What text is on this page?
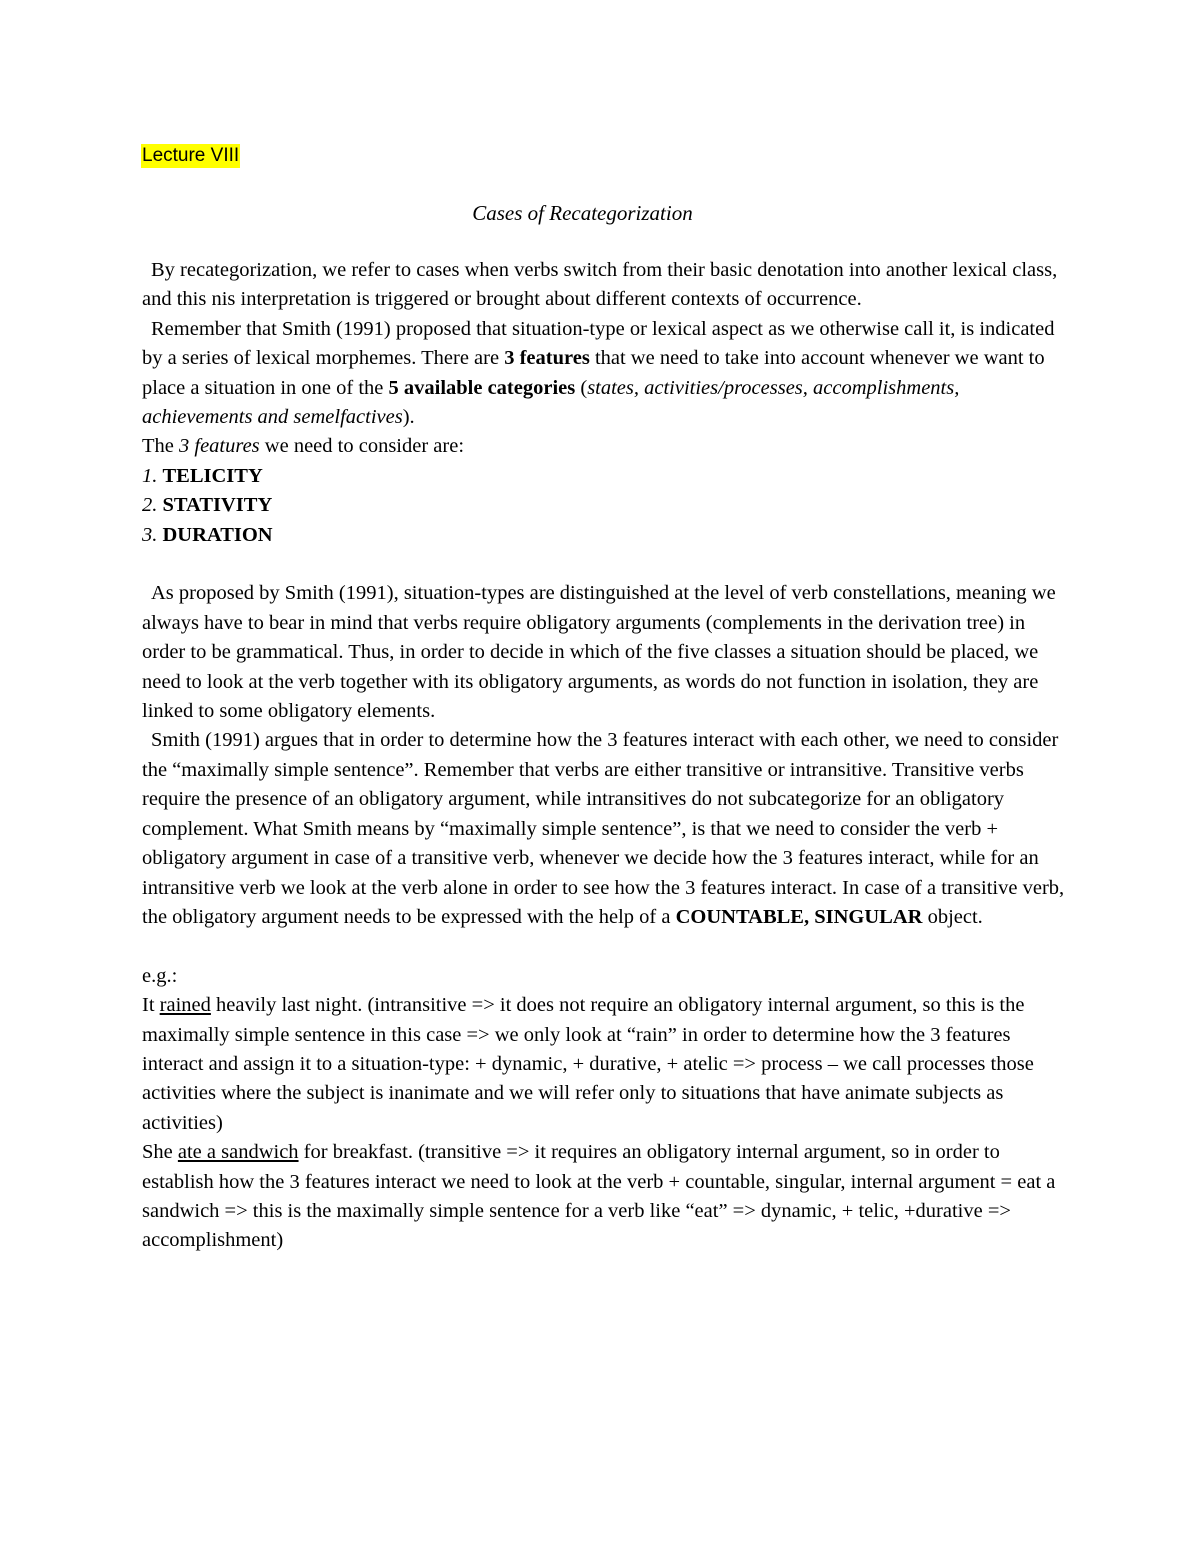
Lecture VIII
Cases of Recategorization

By recategorization, we refer to cases when verbs switch from their basic denotation into another lexical class, and this nis interpretation is triggered or brought about different contexts of occurrence.

Remember that Smith (1991) proposed that situation-type or lexical aspect as we otherwise call it, is indicated by a series of lexical morphemes. There are 3 features that we need to take into account whenever we want to place a situation in one of the 5 available categories (states, activities/processes, accomplishments, achievements and semelfactives).

The 3 features we need to consider are:

1. TELICITY

2. STATIVITY

3. DURATION

As proposed by Smith (1991), situation-types are distinguished at the level of verb constellations, meaning we always have to bear in mind that verbs require obligatory arguments (complements in the derivation tree) in order to be grammatical. Thus, in order to decide in which of the five classes a situation should be placed, we need to look at the verb together with its obligatory arguments, as words do not function in isolation, they are linked to some obligatory elements.

Smith (1991) argues that in order to determine how the 3 features interact with each other, we need to consider the “maximally simple sentence”. Remember that verbs are either transitive or intransitive. Transitive verbs require the presence of an obligatory argument, while intransitives do not subcategorize for an obligatory complement. What Smith means by “maximally simple sentence”, is that we need to consider the verb + obligatory argument in case of a transitive verb, whenever we decide how the 3 features interact, while for an intransitive verb we look at the verb alone in order to see how the 3 features interact. In case of a transitive verb, the obligatory argument needs to be expressed with the help of a COUNTABLE, SINGULAR object.

e.g.:

It rained heavily last night. (intransitive => it does not require an obligatory internal argument, so this is the maximally simple sentence in this case => we only look at “rain” in order to determine how the 3 features interact and assign it to a situation-type: + dynamic, + durative, + atelic => process – we call processes those activities where the subject is inanimate and we will refer only to situations that have animate subjects as activities)

She ate a sandwich for breakfast. (transitive => it requires an obligatory internal argument, so in order to establish how the 3 features interact we need to look at the verb + countable, singular, internal argument = eat a sandwich => this is the maximally simple sentence for a verb like “eat” => dynamic, + telic, +durative => accomplishment)
